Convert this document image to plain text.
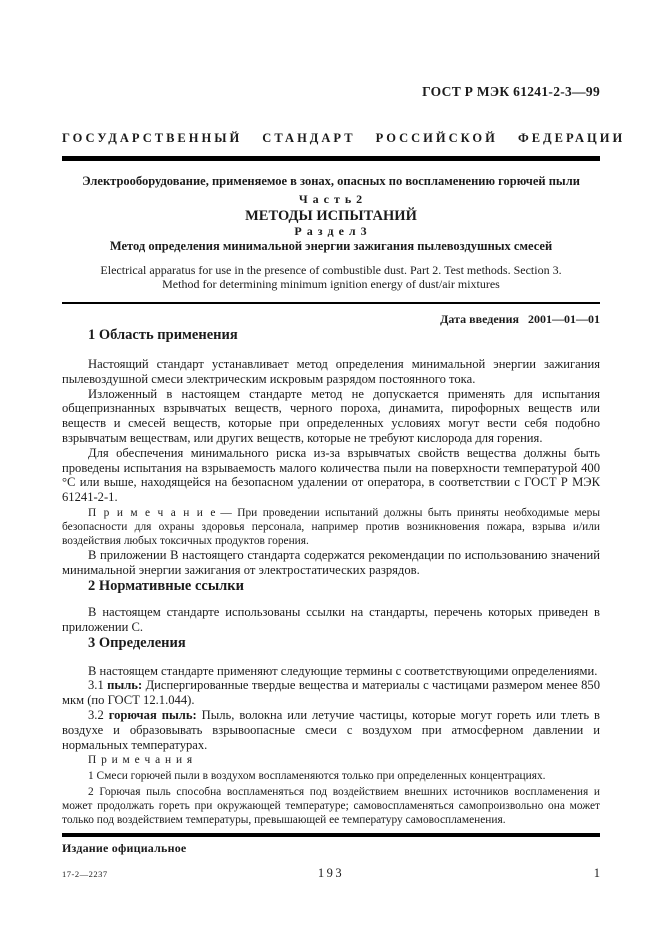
ГОСТ Р МЭК 61241-2-3—99
ГОСУДАРСТВЕННЫЙ СТАНДАРТ РОССИЙСКОЙ ФЕДЕРАЦИИ
Электрооборудование, применяемое в зонах, опасных по воспламенению горючей пыли
Ч а с т ь 2
МЕТОДЫ ИСПЫТАНИЙ
Р а з д е л 3
Метод определения минимальной энергии зажигания пылевоздушных смесей
Electrical apparatus for use in the presence of combustible dust. Part 2. Test methods. Section 3.
Method for determining minimum ignition energy of dust/air mixtures
Дата введения 2001—01—01
1 Область применения

Настоящий стандарт устанавливает метод определения минимальной энергии зажигания пылевоздушной смеси электрическим искровым разрядом постоянного тока.

Изложенный в настоящем стандарте метод не допускается применять для испытания общепризнанных взрывчатых веществ, черного пороха, динамита, пирофорных веществ или веществ и смесей веществ, которые при определенных условиях могут вести себя подобно взрывчатым веществам, или других веществ, которые не требуют кислорода для горения.

Для обеспечения минимального риска из-за взрывчатых свойств вещества должны быть проведены испытания на взрываемость малого количества пыли на поверхности температурой 400 °С или выше, находящейся на безопасном удалении от оператора, в соответствии с ГОСТ Р МЭК 61241-2-1.

П р и м е ч а н и е — При проведении испытаний должны быть приняты необходимые меры безопасности для охраны здоровья персонала, например против возникновения пожара, взрыва и/или воздействия любых токсичных продуктов горения.

В приложении В настоящего стандарта содержатся рекомендации по использованию значений минимальной энергии зажигания от электростатических разрядов.

2 Нормативные ссылки

В настоящем стандарте использованы ссылки на стандарты, перечень которых приведен в приложении С.

3 Определения

В настоящем стандарте применяют следующие термины с соответствующими определениями.

3.1 пыль: Диспергированные твердые вещества и материалы с частицами размером менее 850 мкм (по ГОСТ 12.1.044).

3.2 горючая пыль: Пыль, волокна или летучие частицы, которые могут гореть или тлеть в воздухе и образовывать взрывоопасные смеси с воздухом при атмосферном давлении и нормальных температурах.

П р и м е ч а н и я

1 Смеси горючей пыли в воздухом воспламеняются только при определенных концентрациях.

2 Горючая пыль способна воспламеняться под воздействием внешних источников воспламенения и может продолжать гореть при окружающей температуре; самовоспламеняться самопроизвольно она может только под воздействием температуры, превышающей ее температуру самовоспламенения.

Издание официальное
17-2—2237	193	1
